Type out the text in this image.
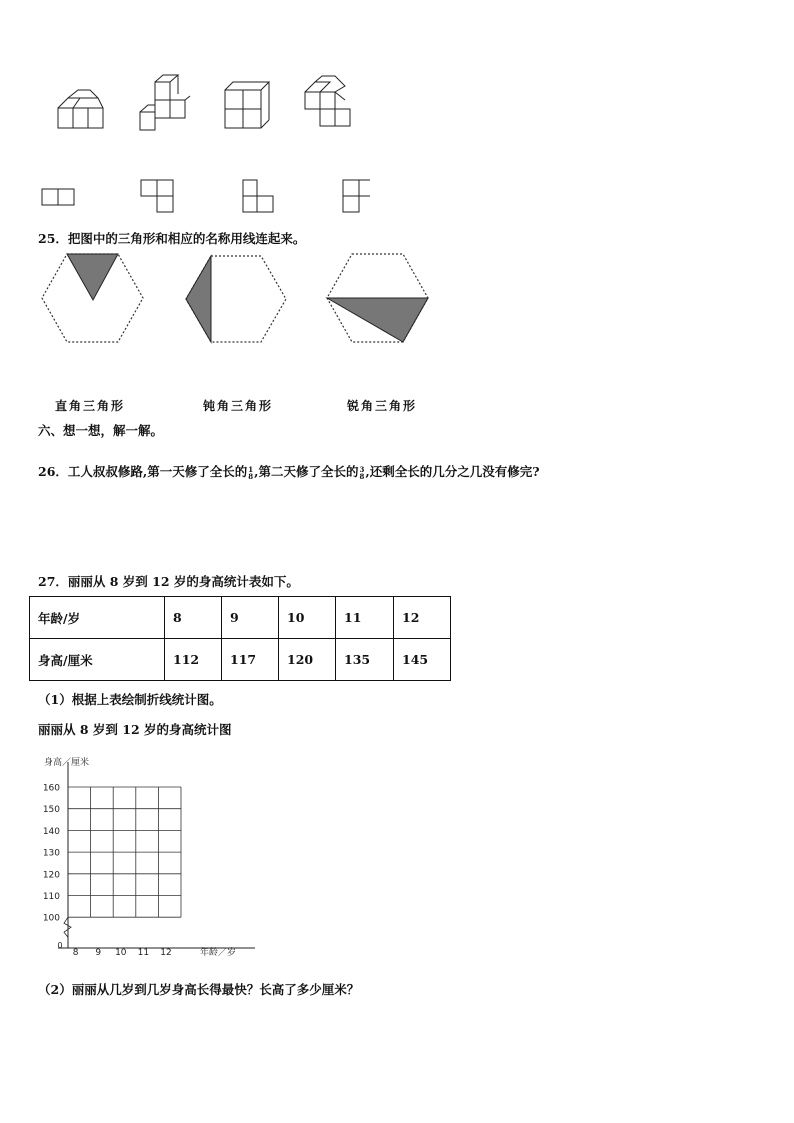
25．把图中的三角形和相应的名称用线连起来。
直角三角形	钝角三角形	锐角三角形
六、想一想，解一解。
26．工人叔叔修路,第一天修了全长的 1
8 ,第二天修了全长的 3
8 ,还剩全长的几分之几没有修完?
27．丽丽从 8 岁到 12 岁的身高统计表如下。
年龄/岁	8	9	10	11	12
身高/厘米	112	117	120	135	145
（1）根据上表绘制折线统计图。
丽丽从 8 岁到 12 岁的身高统计图
100
110
120
130
140
150
160
8 9 10 11 12
0
身高／厘米
年龄／岁
（2）丽丽从几岁到几岁身高长得最快？长高了多少厘米？
